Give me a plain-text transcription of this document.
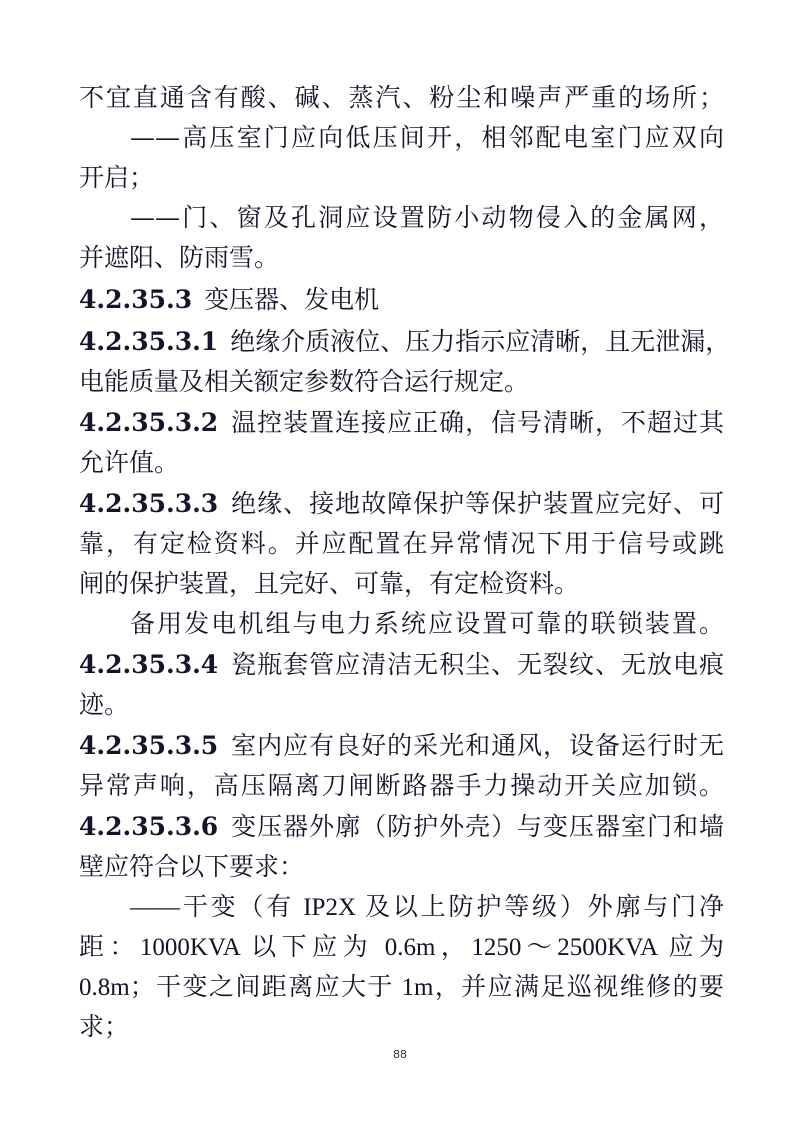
不宜直通含有酸、碱、蒸汽、粉尘和噪声严重的场所；
——高压室门应向低压间开，相邻配电室门应双向
开启；
——门、窗及孔洞应设置防小动物侵入的金属网，
并遮阳、防雨雪。
4.2.35.3 变压器、发电机
4.2.35.3.1 绝缘介质液位、压力指示应清晰，且无泄漏，
电能质量及相关额定参数符合运行规定。
4.2.35.3.2 温控装置连接应正确，信号清晰，不超过其
允许值。
4.2.35.3.3 绝缘、接地故障保护等保护装置应完好、可
靠，有定检资料。并应配置在异常情况下用于信号或跳
闸的保护装置，且完好、可靠，有定检资料。
备用发电机组与电力系统应设置可靠的联锁装置。
4.2.35.3.4 瓷瓶套管应清洁无积尘、无裂纹、无放电痕
迹。
4.2.35.3.5 室内应有良好的采光和通风，设备运行时无
异常声响，高压隔离刀闸断路器手力操动开关应加锁。
4.2.35.3.6 变压器外廓（防护外壳）与变压器室门和墙
壁应符合以下要求：
——干变（有 IP2X 及以上防护等级）外廓与门净
距：1000KVA 以下应为 0.6m，1250～2500KVA 应为
0.8m；干变之间距离应大于 1m，并应满足巡视维修的要
求；
88
